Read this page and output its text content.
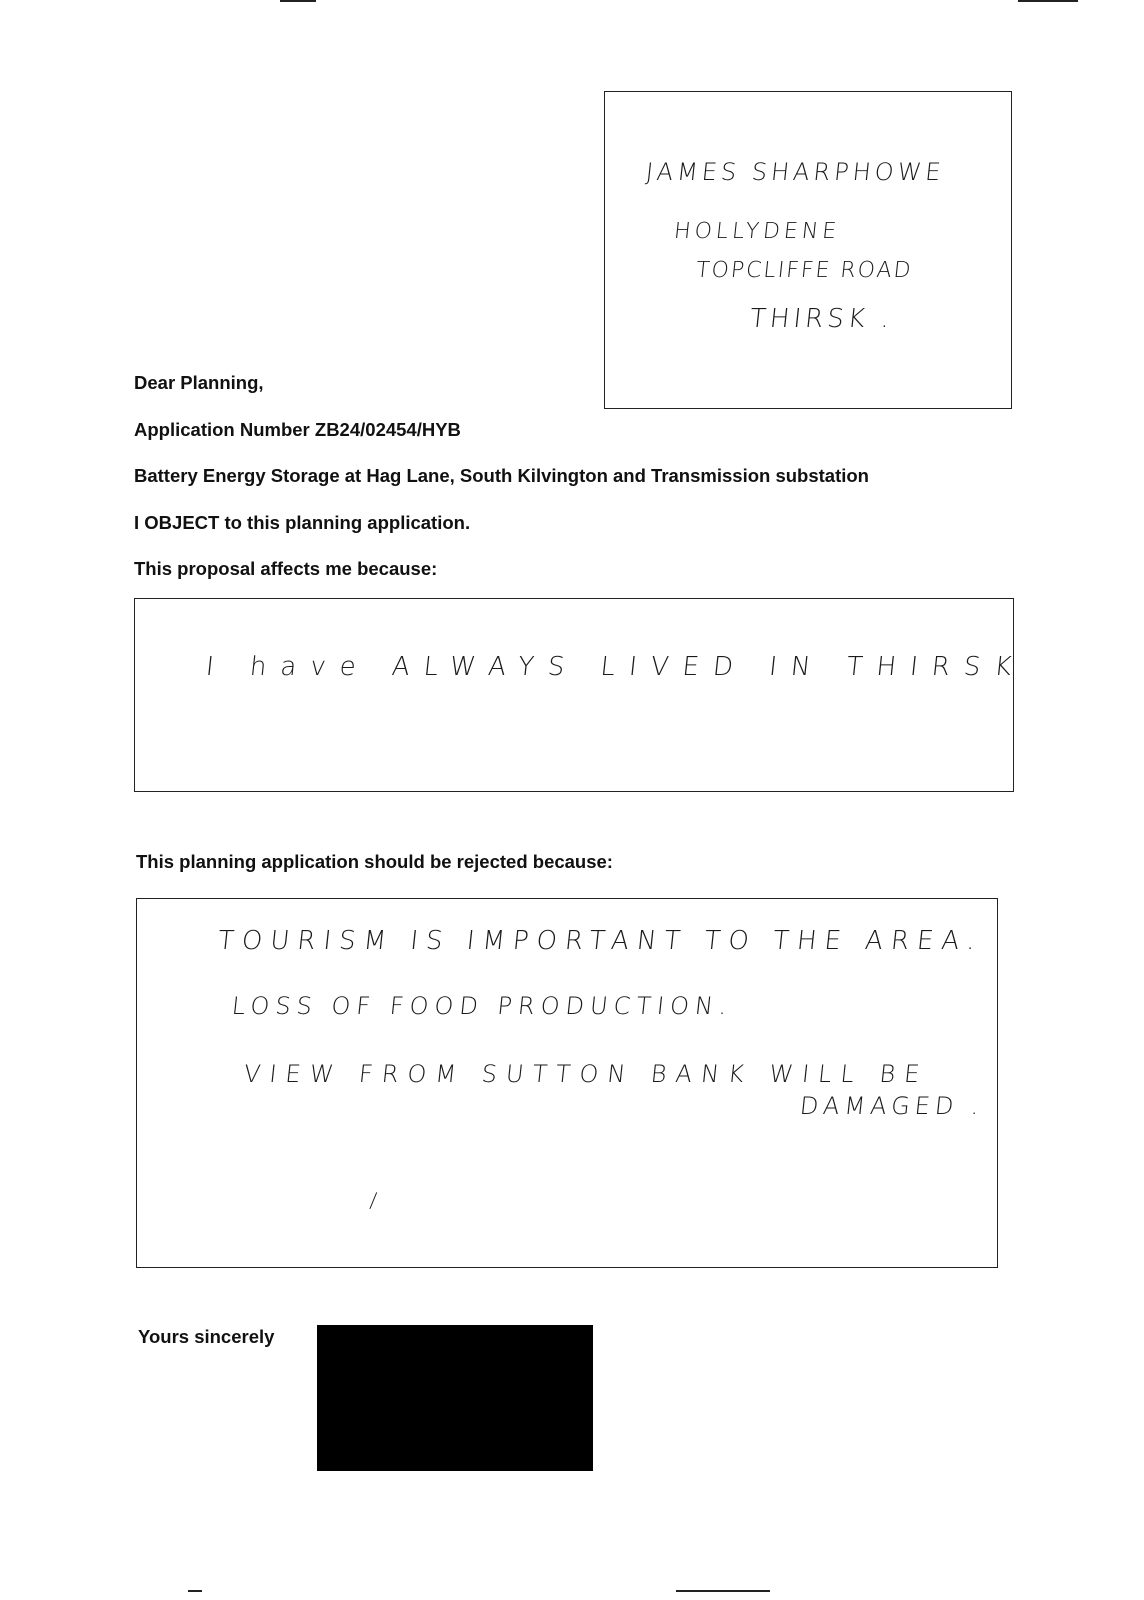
JAMES SHARPHOWE
HOLLYDENE
TOPCLIFFE ROAD
THIRSK .
Dear Planning,
Application Number ZB24/02454/HYB
Battery Energy Storage at Hag Lane, South Kilvington and Transmission substation
I OBJECT to this planning application.
This proposal affects me because:
I have ALWAYS LIVED IN THIRSK
This planning application should be rejected because:
TOURISM IS IMPORTANT TO THE AREA.
LOSS OF FOOD PRODUCTION.
VIEW FROM SUTTON BANK WILL BE
DAMAGED .
/
Yours sincerely
